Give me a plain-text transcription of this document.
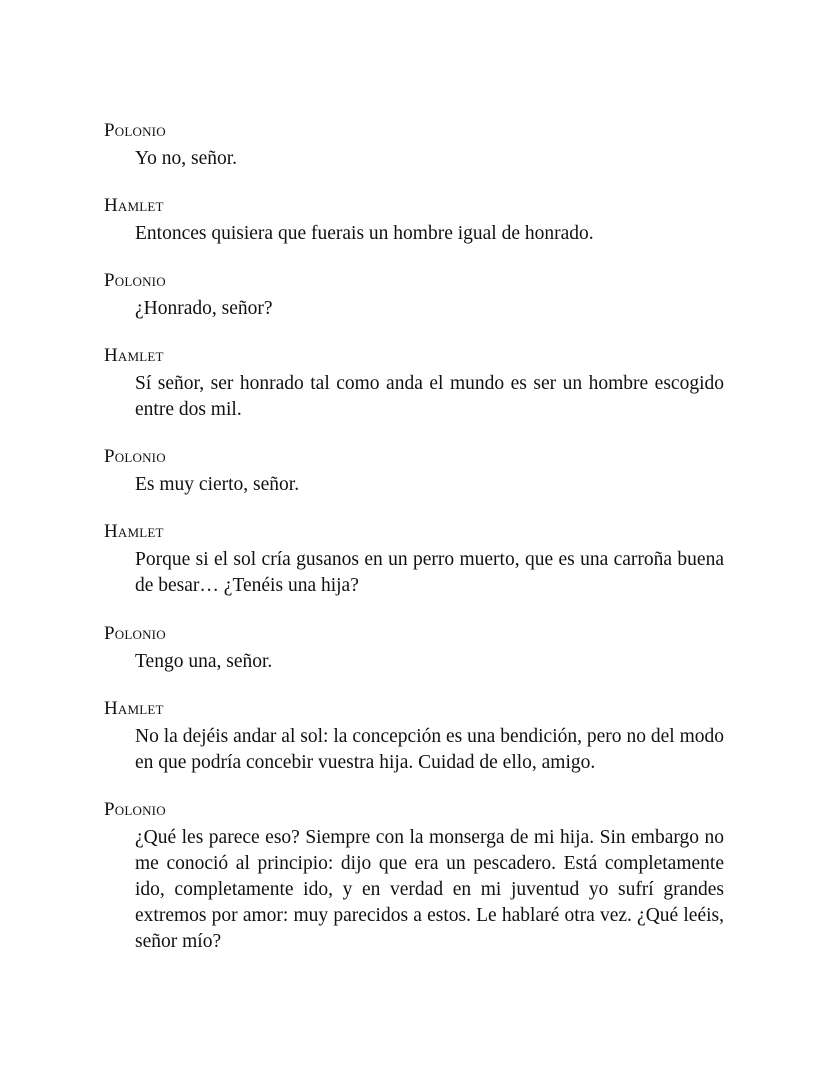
Polonio

Yo no, señor.

Hamlet

Entonces quisiera que fuerais un hombre igual de honrado.

Polonio

¿Honrado, señor?

Hamlet

Sí señor, ser honrado tal como anda el mundo es ser un hombre escogido entre dos mil.

Polonio

Es muy cierto, señor.

Hamlet

Porque si el sol cría gusanos en un perro muerto, que es una carroña buena de besar… ¿Tenéis una hija?

Polonio

Tengo una, señor.

Hamlet

No la dejéis andar al sol: la concepción es una bendición, pero no del modo en que podría concebir vuestra hija. Cuidad de ello, amigo.

Polonio

¿Qué les parece eso? Siempre con la monserga de mi hija. Sin embargo no me conoció al principio: dijo que era un pescadero. Está completamente ido, completamente ido, y en verdad en mi juventud yo sufrí grandes extremos por amor: muy parecidos a estos. Le hablaré otra vez. ¿Qué leéis, señor mío?
